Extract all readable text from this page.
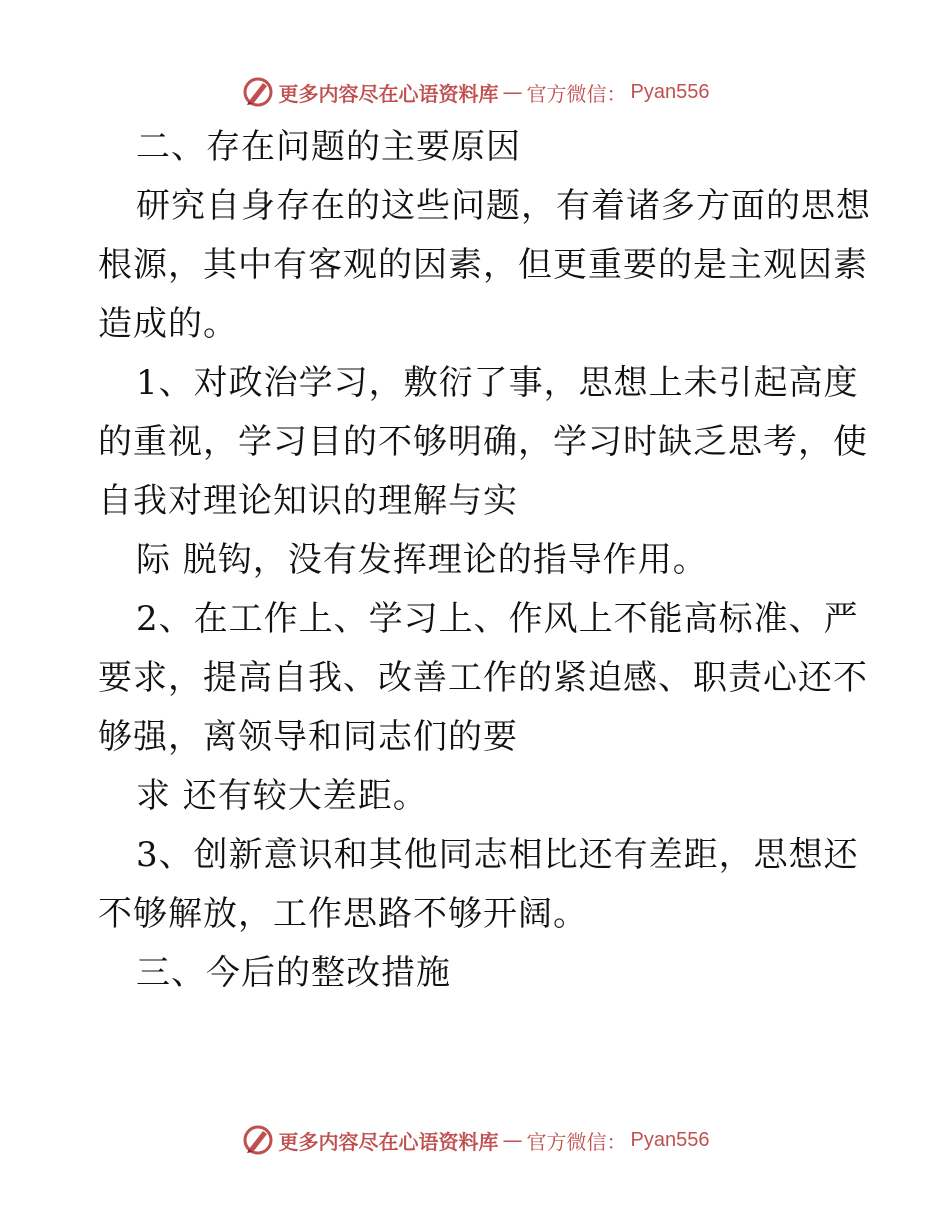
更多内容尽在心语资料库 — 官方微信： Pyan556
二、存在问题的主要原因
研究自身存在的这些问题，有着诸多方面的思想
根源，其中有客观的因素，但更重要的是主观因素
造成的。
1、对政治学习，敷衍了事，思想上未引起高度
的重视，学习目的不够明确，学习时缺乏思考，使
自我对理论知识的理解与实
际 脱钩，没有发挥理论的指导作用。
2、在工作上、学习上、作风上不能高标准、严
要求，提高自我、改善工作的紧迫感、职责心还不
够强，离领导和同志们的要
求 还有较大差距。
3、创新意识和其他同志相比还有差距，思想还
不够解放，工作思路不够开阔。
三、今后的整改措施
更多内容尽在心语资料库 — 官方微信： Pyan556
